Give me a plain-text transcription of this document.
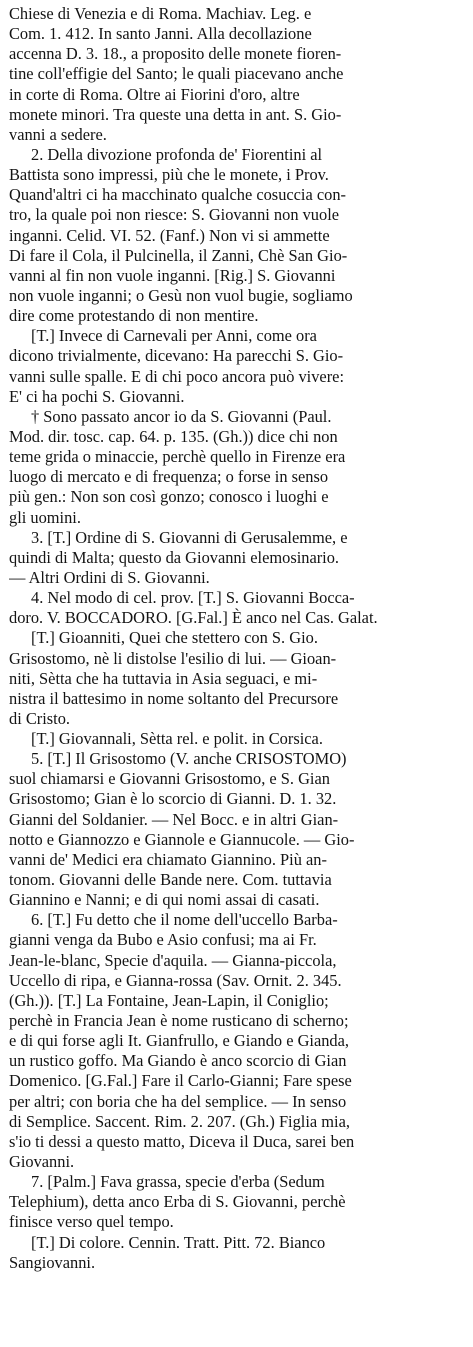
Chiese di Venezia e di Roma. Machiav. Leg. e
Com. 1. 412. In santo Janni. Alla decollazione
accenna D. 3. 18., a proposito delle monete fioren-
tine coll'effigie del Santo; le quali piacevano anche
in corte di Roma. Oltre ai Fiorini d'oro, altre
monete minori. Tra queste una detta in ant. S. Gio-
vanni a sedere.
2. Della divozione profonda de' Fiorentini al
Battista sono impressi, più che le monete, i Prov.
Quand'altri ci ha macchinato qualche cosuccia con-
tro, la quale poi non riesce: S. Giovanni non vuole
inganni. Celid. VI. 52. (Fanf.) Non vi si ammette
Di fare il Cola, il Pulcinella, il Zanni, Chè San Gio-
vanni al fin non vuole inganni. [Rig.] S. Giovanni
non vuole inganni; o Gesù non vuol bugie, sogliamo
dire come protestando di non mentire.
[T.] Invece di Carnevali per Anni, come ora
dicono trivialmente, dicevano: Ha parecchi S. Gio-
vanni sulle spalle. E di chi poco ancora può vivere:
E' ci ha pochi S. Giovanni.
† Sono passato ancor io da S. Giovanni (Paul.
Mod. dir. tosc. cap. 64. p. 135. (Gh.)) dice chi non
teme grida o minaccie, perchè quello in Firenze era
luogo di mercato e di frequenza; o forse in senso
più gen.: Non son così gonzo; conosco i luoghi e
gli uomini.
3. [T.] Ordine di S. Giovanni di Gerusalemme, e
quindi di Malta; questo da Giovanni elemosinario.
— Altri Ordini di S. Giovanni.
4. Nel modo di cel. prov. [T.] S. Giovanni Bocca-
doro. V. BOCCADORO. [G.Fal.] È anco nel Cas. Galat.
[T.] Gioanniti, Quei che stettero con S. Gio.
Grisostomo, nè li distolse l'esilio di lui. — Gioan-
niti, Sètta che ha tuttavia in Asia seguaci, e mi-
nistra il battesimo in nome soltanto del Precursore
di Cristo.
[T.] Giovannali, Sètta rel. e polit. in Corsica.
5. [T.] Il Grisostomo (V. anche CRISOSTOMO)
suol chiamarsi e Giovanni Grisostomo, e S. Gian
Grisostomo; Gian è lo scorcio di Gianni. D. 1. 32.
Gianni del Soldanier. — Nel Bocc. e in altri Gian-
notto e Giannozzo e Giannole e Giannucole. — Gio-
vanni de' Medici era chiamato Giannino. Più an-
tonom. Giovanni delle Bande nere. Com. tuttavia
Giannino e Nanni; e di qui nomi assai di casati.
6. [T.] Fu detto che il nome dell'uccello Barba-
gianni venga da Bubo e Asio confusi; ma ai Fr.
Jean-le-blanc, Specie d'aquila. — Gianna-piccola,
Uccello di ripa, e Gianna-rossa (Sav. Ornit. 2. 345.
(Gh.)). [T.] La Fontaine, Jean-Lapin, il Coniglio;
perchè in Francia Jean è nome rusticano di scherno;
e di qui forse agli It. Gianfrullo, e Giando e Gianda,
un rustico goffo. Ma Giando è anco scorcio di Gian
Domenico. [G.Fal.] Fare il Carlo-Gianni; Fare spese
per altri; con boria che ha del semplice. — In senso
di Semplice. Saccent. Rim. 2. 207. (Gh.) Figlia mia,
s'io ti dessi a questo matto, Diceva il Duca, sarei ben
Giovanni.
7. [Palm.] Fava grassa, specie d'erba (Sedum
Telephium), detta anco Erba di S. Giovanni, perchè
finisce verso quel tempo.
[T.] Di colore. Cennin. Tratt. Pitt. 72. Bianco
Sangiovanni.
